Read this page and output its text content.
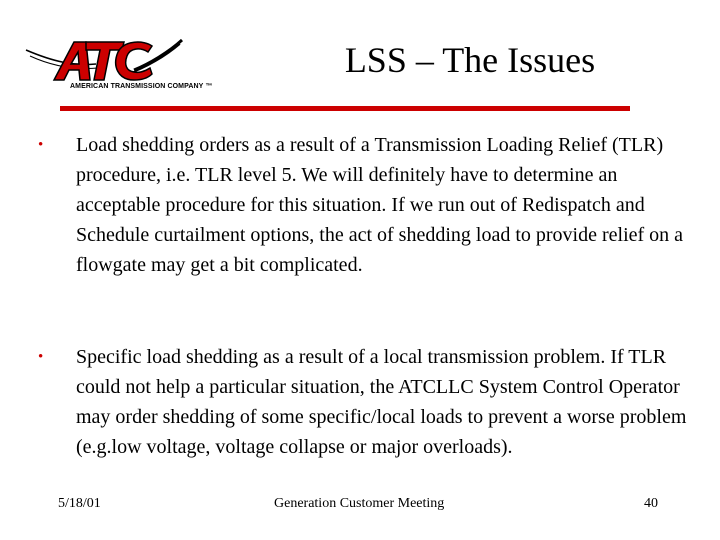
AMERICAN TRANSMISSION COMPANY ™
LSS – The Issues
•	Load shedding orders as a result of a Transmission Loading Relief (TLR) procedure, i.e. TLR level 5. We will definitely have to determine an acceptable procedure for this situation. If we run out of Redispatch and Schedule curtailment options, the act of shedding load to provide relief on a flowgate may get a bit complicated.
•	Specific load shedding as a result of a local transmission problem. If TLR could not help a particular situation, the ATCLLC System Control Operator may order shedding of some specific/local loads to prevent a worse problem (e.g.low voltage, voltage collapse or major overloads).
5/18/01	Generation Customer Meeting	40
